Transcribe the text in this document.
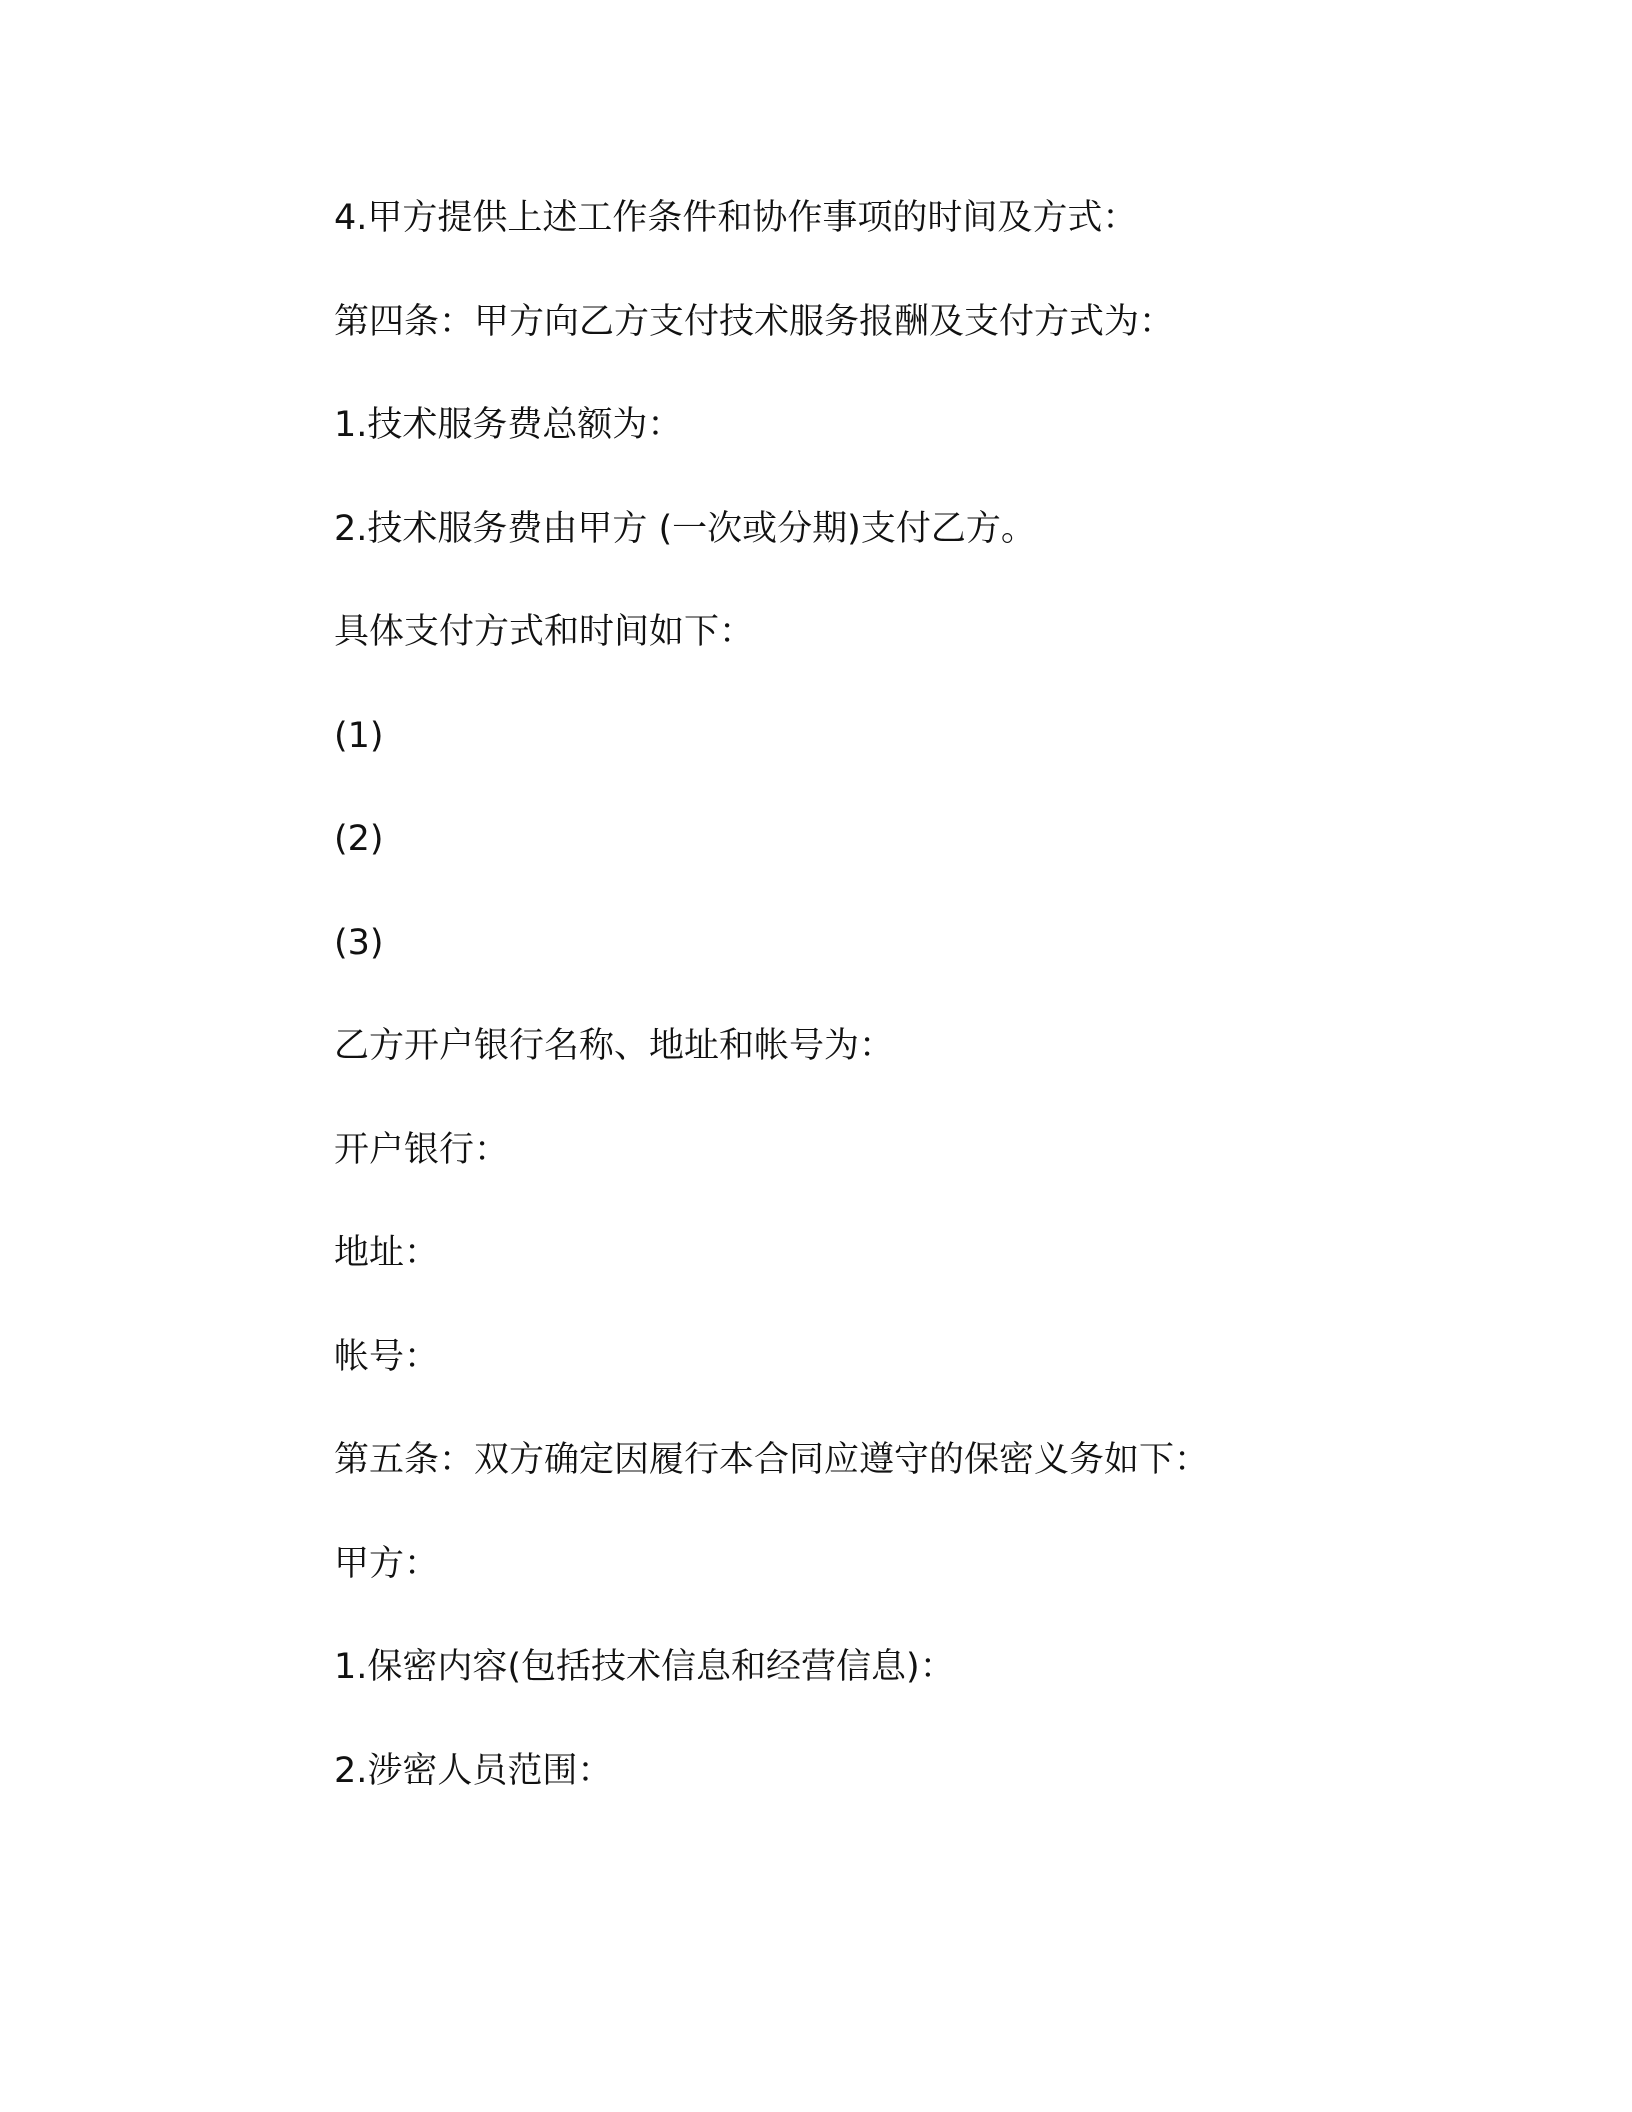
4.甲方提供上述工作条件和协作事项的时间及方式：

第四条：甲方向乙方支付技术服务报酬及支付方式为：

1.技术服务费总额为：

2.技术服务费由甲方 (一次或分期)支付乙方。

具体支付方式和时间如下：

(1)

(2)

(3)

乙方开户银行名称、地址和帐号为：

开户银行：

地址：

帐号：

第五条：双方确定因履行本合同应遵守的保密义务如下：

甲方：

1.保密内容(包括技术信息和经营信息)：

2.涉密人员范围：
